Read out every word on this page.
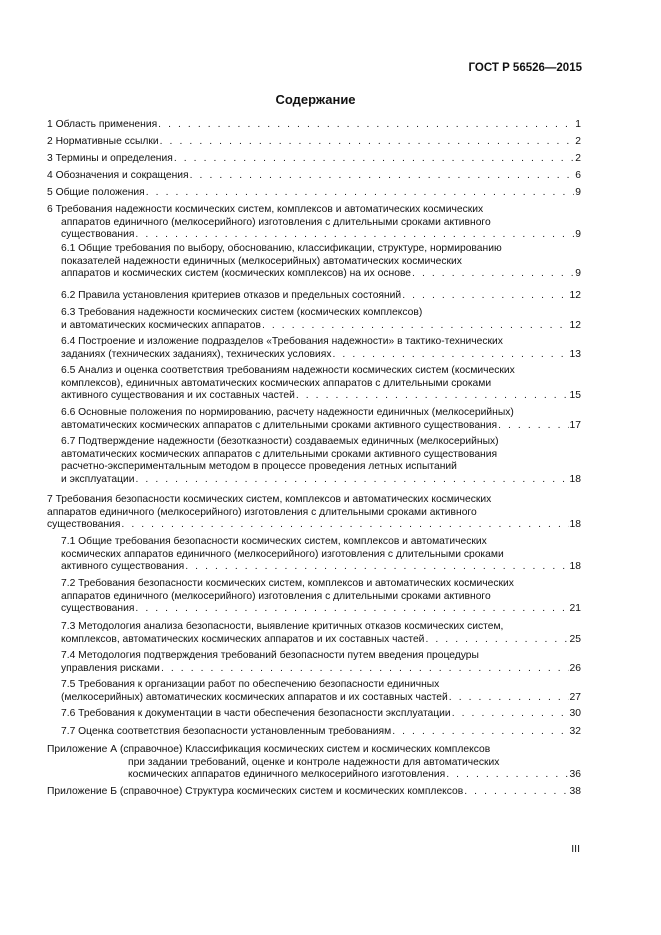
ГОСТ Р 56526—2015
Содержание
1 Область применения . . .	1
2 Нормативные ссылки . . .	2
3 Термины и определения . . .	2
4 Обозначения и сокращения . . .	6
5 Общие положения . . .	9
6 Требования надежности космических систем, комплексов и автоматических космических
аппаратов единичного (мелкосерийного) изготовления с длительными сроками активного
существования . . .	9
6.1 Общие требования по выбору, обоснованию, классификации, структуре, нормированию
показателей надежности единичных (мелкосерийных) автоматических космических
аппаратов и космических систем (космических комплексов) на их основе . . .	9
6.2 Правила установления критериев отказов и предельных состояний . . .	12
6.3 Требования надежности космических систем (космических комплексов)
и автоматических космических аппаратов . . .	12
6.4 Построение и изложение подразделов «Требования надежности» в тактико-технических
заданиях (технических заданиях), технических условиях . . .	13
6.5 Анализ и оценка соответствия требованиям надежности космических систем (космических
комплексов), единичных автоматических космических аппаратов с длительными сроками
активного существования и их составных частей . . .	15
6.6 Основные положения по нормированию, расчету надежности единичных (мелкосерийных)
автоматических космических аппаратов с длительными сроками активного существования . . .	17
6.7 Подтверждение надежности (безотказности) создаваемых единичных (мелкосерийных)
автоматических космических аппаратов с длительными сроками активного существования
расчетно-экспериментальным методом в процессе проведения летных испытаний
и эксплуатации . . .	18
7 Требования безопасности космических систем, комплексов и автоматических космических
аппаратов единичного (мелкосерийного) изготовления с длительными сроками активного
существования . . .	18
7.1 Общие требования безопасности космических систем, комплексов и автоматических
космических аппаратов единичного (мелкосерийного) изготовления с длительными сроками
активного существования . . .	18
7.2 Требования безопасности космических систем, комплексов и автоматических космических
аппаратов единичного (мелкосерийного) изготовления с длительными сроками активного
существования . . .	21
7.3 Методология анализа безопасности, выявление критичных отказов космических систем,
комплексов, автоматических космических аппаратов и их составных частей . . .	25
7.4 Методология подтверждения требований безопасности путем введения процедуры
управления рисками . . .	26
7.5 Требования к организации работ по обеспечению безопасности единичных
(мелкосерийных) автоматических космических аппаратов и их составных частей . . .	27
7.6 Требования к документации в части обеспечения безопасности эксплуатации . . .	30
7.7 Оценка соответствия безопасности установленным требованиям . . .	32
Приложение А (справочное) Классификация космических систем и космических комплексов
при задании требований, оценке и контроле надежности для автоматических
космических аппаратов единичного мелкосерийного изготовления . . .	36
Приложение Б (справочное) Структура космических систем и космических комплексов . . .	38
III
